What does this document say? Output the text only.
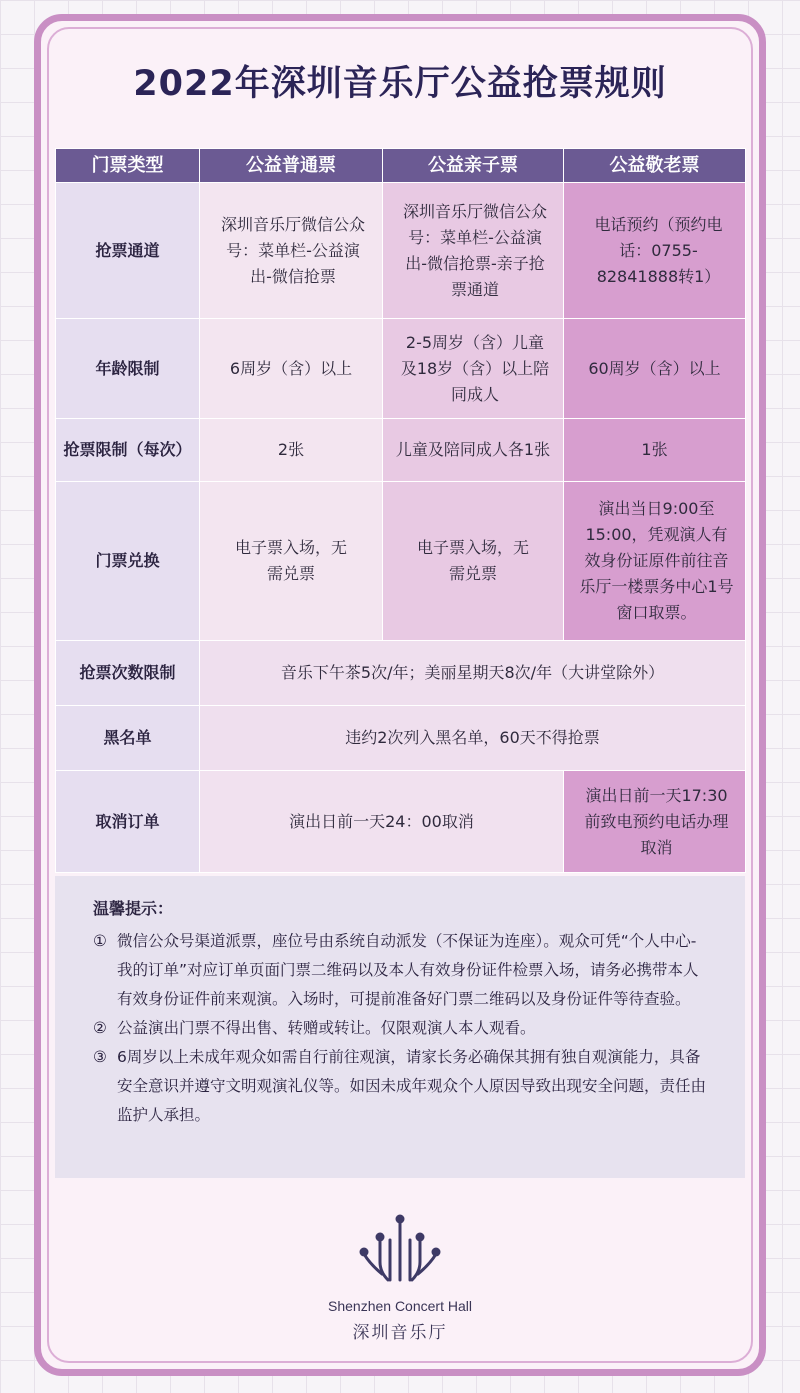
2022年深圳音乐厅公益抢票规则
门票类型	公益普通票	公益亲子票	公益敬老票
抢票通道	深圳音乐厅微信公众号：菜单栏-公益演出-微信抢票	深圳音乐厅微信公众号：菜单栏-公益演出-微信抢票-亲子抢票通道	电话预约（预约电话：0755-82841888转1）
年龄限制	6周岁（含）以上	2-5周岁（含）儿童及18岁（含）以上陪同成人	60周岁（含）以上
抢票限制（每次）	2张	儿童及陪同成人各1张	1张
门票兑换	电子票入场，无需兑票	电子票入场，无需兑票	演出当日9:00至15:00，凭观演人有效身份证原件前往音乐厅一楼票务中心1号窗口取票。
抢票次数限制	音乐下午茶5次/年；美丽星期天8次/年（大讲堂除外）		
黑名单	违约2次列入黑名单，60天不得抢票		
取消订单	演出日前一天24：00取消		演出日前一天17:30前致电预约电话办理取消
温馨提示：
① 微信公众号渠道派票，座位号由系统自动派发（不保证为连座）。观众可凭“个人中心-我的订单”对应订单页面门票二维码以及本人有效身份证件检票入场，请务必携带本人有效身份证件前来观演。入场时，可提前准备好门票二维码以及身份证件等待查验。
② 公益演出门票不得出售、转赠或转让。仅限观演人本人观看。
③ 6周岁以上未成年观众如需自行前往观演，请家长务必确保其拥有独自观演能力，具备安全意识并遵守文明观演礼仪等。如因未成年观众个人原因导致出现安全问题，责任由监护人承担。
Shenzhen Concert Hall
深圳音乐厅
